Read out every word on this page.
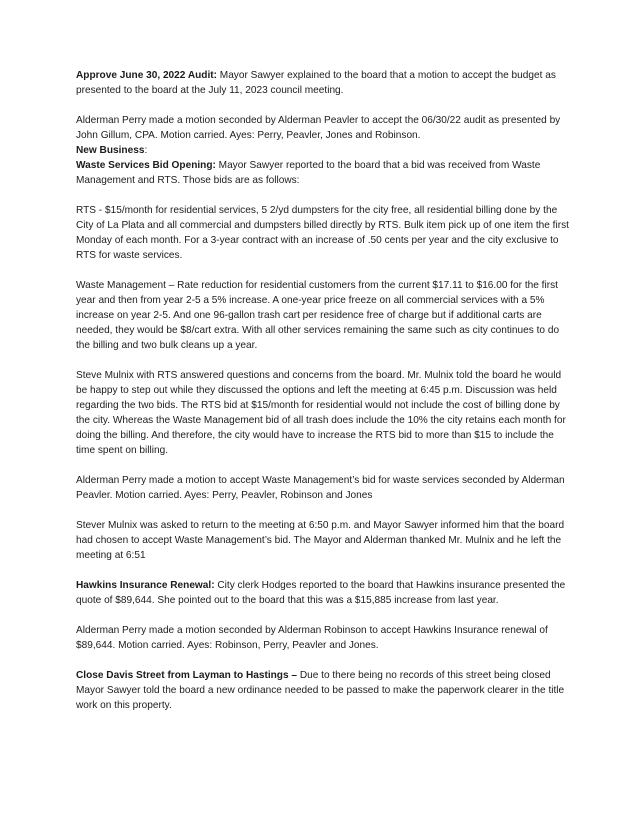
Approve June 30, 2022 Audit: Mayor Sawyer explained to the board that a motion to accept the budget as presented to the board at the July 11, 2023 council meeting.

Alderman Perry made a motion seconded by Alderman Peavler to accept the 06/30/22 audit as presented by John Gillum, CPA. Motion carried. Ayes: Perry, Peavler, Jones and Robinson.

New Business:

Waste Services Bid Opening: Mayor Sawyer reported to the board that a bid was received from Waste Management and RTS. Those bids are as follows:

RTS - $15/month for residential services, 5 2/yd dumpsters for the city free, all residential billing done by the City of La Plata and all commercial and dumpsters billed directly by RTS. Bulk item pick up of one item the first Monday of each month. For a 3-year contract with an increase of .50 cents per year and the city exclusive to RTS for waste services.

Waste Management – Rate reduction for residential customers from the current $17.11 to $16.00 for the first year and then from year 2-5 a 5% increase. A one-year price freeze on all commercial services with a 5% increase on year 2-5. And one 96-gallon trash cart per residence free of charge but if additional carts are needed, they would be $8/cart extra. With all other services remaining the same such as city continues to do the billing and two bulk cleans up a year.

Steve Mulnix with RTS answered questions and concerns from the board. Mr. Mulnix told the board he would be happy to step out while they discussed the options and left the meeting at 6:45 p.m. Discussion was held regarding the two bids. The RTS bid at $15/month for residential would not include the cost of billing done by the city. Whereas the Waste Management bid of all trash does include the 10% the city retains each month for doing the billing. And therefore, the city would have to increase the RTS bid to more than $15 to include the time spent on billing.

Alderman Perry made a motion to accept Waste Management’s bid for waste services seconded by Alderman Peavler. Motion carried. Ayes: Perry, Peavler, Robinson and Jones

Stever Mulnix was asked to return to the meeting at 6:50 p.m. and Mayor Sawyer informed him that the board had chosen to accept Waste Management’s bid. The Mayor and Alderman thanked Mr. Mulnix and he left the meeting at 6:51

Hawkins Insurance Renewal: City clerk Hodges reported to the board that Hawkins insurance presented the quote of $89,644. She pointed out to the board that this was a $15,885 increase from last year.

Alderman Perry made a motion seconded by Alderman Robinson to accept Hawkins Insurance renewal of $89,644. Motion carried. Ayes: Robinson, Perry, Peavler and Jones.

Close Davis Street from Layman to Hastings – Due to there being no records of this street being closed Mayor Sawyer told the board a new ordinance needed to be passed to make the paperwork clearer in the title work on this property.
